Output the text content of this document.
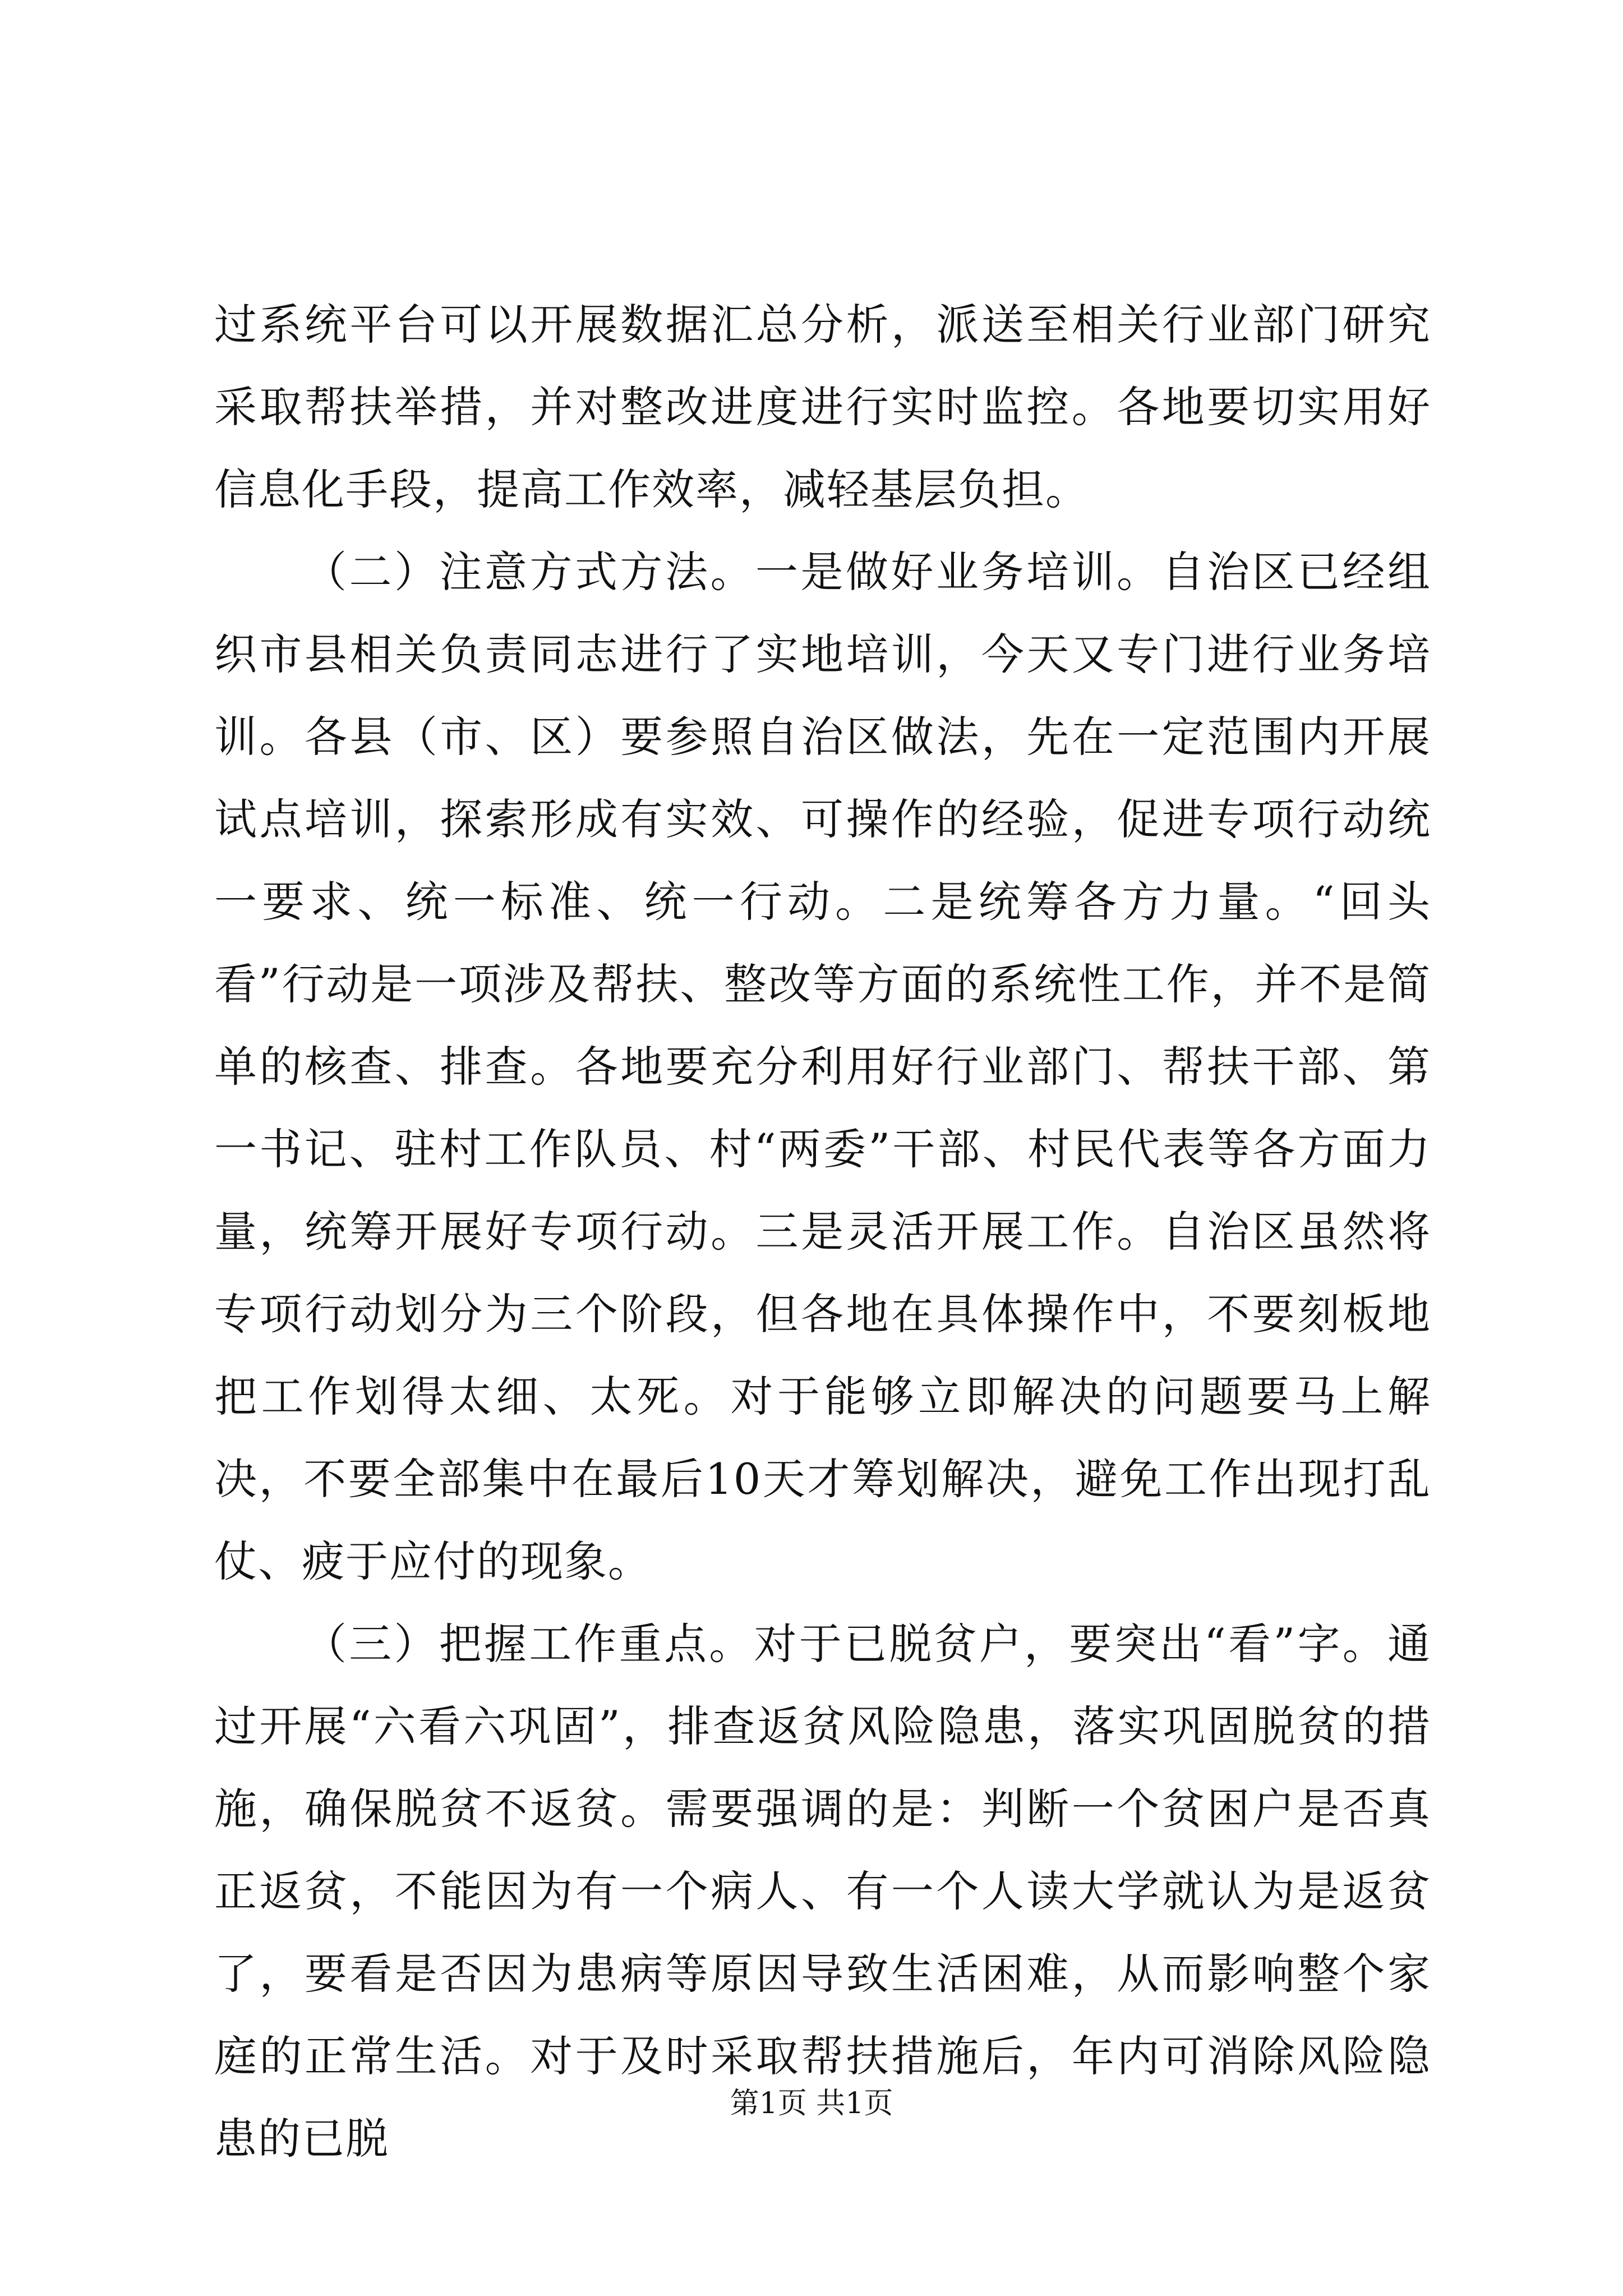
过系统平台可以开展数据汇总分析，派送至相关行业部门研究采取帮扶举措，并对整改进度进行实时监控。各地要切实用好信息化手段，提高工作效率，减轻基层负担。

（二）注意方式方法。一是做好业务培训。自治区已经组织市县相关负责同志进行了实地培训，今天又专门进行业务培训。各县（市、区）要参照自治区做法，先在一定范围内开展试点培训，探索形成有实效、可操作的经验，促进专项行动统一要求、统一标准、统一行动。二是统筹各方力量。“回头看”行动是一项涉及帮扶、整改等方面的系统性工作，并不是简单的核查、排查。各地要充分利用好行业部门、帮扶干部、第一书记、驻村工作队员、村“两委”干部、村民代表等各方面力量，统筹开展好专项行动。三是灵活开展工作。自治区虽然将专项行动划分为三个阶段，但各地在具体操作中，不要刻板地把工作划得太细、太死。对于能够立即解决的问题要马上解决，不要全部集中在最后10天才筹划解决，避免工作出现打乱仗、疲于应付的现象。

（三）把握工作重点。对于已脱贫户，要突出“看”字。通过开展“六看六巩固”，排查返贫风险隐患，落实巩固脱贫的措施，确保脱贫不返贫。需要强调的是：判断一个贫困户是否真正返贫，不能因为有一个病人、有一个人读大学就认为是返贫了，要看是否因为患病等原因导致生活困难，从而影响整个家庭的正常生活。对于及时采取帮扶措施后，年内可消除风险隐患的已脱

第1页 共1页
